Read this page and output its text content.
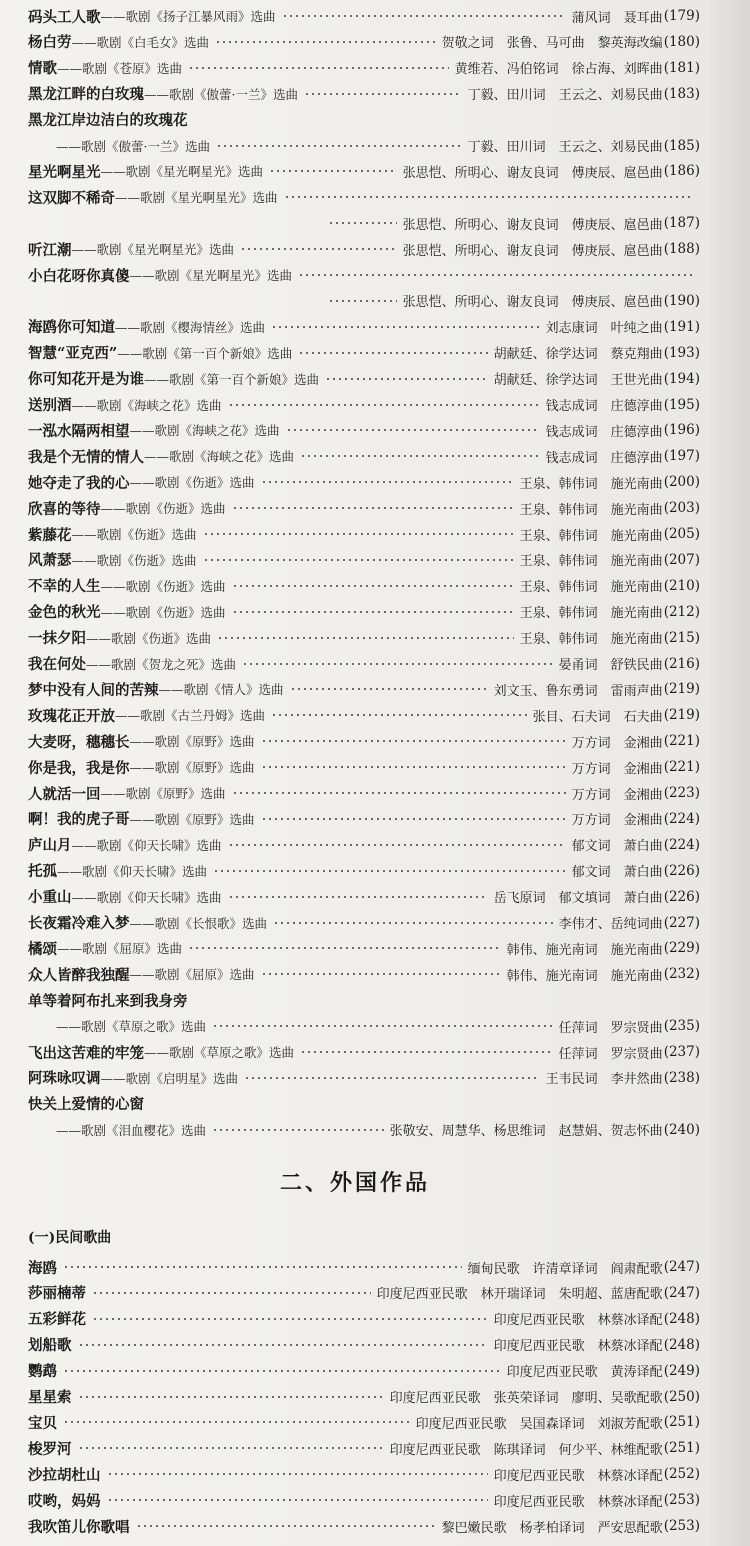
码头工人歌 ——歌剧《扬子江暴风雨》选曲	蒲风词　聂耳曲 (179)
杨白劳 ——歌剧《白毛女》选曲	贺敬之词　张鲁、马可曲　黎英海改编 (180)
情歌 ——歌剧《苍原》选曲	黄维若、冯伯铭词　徐占海、刘晖曲 (181)
黑龙江畔的白玫瑰 ——歌剧《傲蕾·一兰》选曲	丁毅、田川词　王云之、刘易民曲 (183)
黑龙江岸边洁白的玫瑰花
——歌剧《傲蕾·一兰》选曲	丁毅、田川词　王云之、刘易民曲 (185)
星光啊星光 ——歌剧《星光啊星光》选曲	张思恺、所明心、谢友良词　傅庚辰、扈邑曲 (186)
这双脚不稀奇 ——歌剧《星光啊星光》选曲
张思恺、所明心、谢友良词　傅庚辰、扈邑曲 (187)
听江潮 ——歌剧《星光啊星光》选曲	张思恺、所明心、谢友良词　傅庚辰、扈邑曲 (188)
小白花呀你真傻 ——歌剧《星光啊星光》选曲
张思恺、所明心、谢友良词　傅庚辰、扈邑曲 (190)
海鸥你可知道 ——歌剧《樱海情丝》选曲	刘志康词　叶纯之曲 (191)
智慧“亚克西” ——歌剧《第一百个新娘》选曲	胡献廷、徐学达词　蔡克翔曲 (193)
你可知花开是为谁 ——歌剧《第一百个新娘》选曲	胡献廷、徐学达词　王世光曲 (194)
送别酒 ——歌剧《海峡之花》选曲	钱志成词　庄德淳曲 (195)
一泓水隔两相望 ——歌剧《海峡之花》选曲	钱志成词　庄德淳曲 (196)
我是个无情的情人 ——歌剧《海峡之花》选曲	钱志成词　庄德淳曲 (197)
她夺走了我的心 ——歌剧《伤逝》选曲	王泉、韩伟词　施光南曲 (200)
欣喜的等待 ——歌剧《伤逝》选曲	王泉、韩伟词　施光南曲 (203)
紫藤花 ——歌剧《伤逝》选曲	王泉、韩伟词　施光南曲 (205)
风萧瑟 ——歌剧《伤逝》选曲	王泉、韩伟词　施光南曲 (207)
不幸的人生 ——歌剧《伤逝》选曲	王泉、韩伟词　施光南曲 (210)
金色的秋光 ——歌剧《伤逝》选曲	王泉、韩伟词　施光南曲 (212)
一抹夕阳 ——歌剧《伤逝》选曲	王泉、韩伟词　施光南曲 (215)
我在何处 ——歌剧《贺龙之死》选曲	晏甬词　舒铁民曲 (216)
梦中没有人间的苦辣 ——歌剧《情人》选曲	刘文玉、鲁东勇词　雷雨声曲 (219)
玫瑰花正开放 ——歌剧《古兰丹姆》选曲	张目、石夫词　石夫曲 (219)
大麦呀，穗穗长 ——歌剧《原野》选曲	万方词　金湘曲 (221)
你是我，我是你 ——歌剧《原野》选曲	万方词　金湘曲 (221)
人就活一回 ——歌剧《原野》选曲	万方词　金湘曲 (223)
啊！我的虎子哥 ——歌剧《原野》选曲	万方词　金湘曲 (224)
庐山月 ——歌剧《仰天长啸》选曲	郁文词　萧白曲 (224)
托孤 ——歌剧《仰天长啸》选曲	郁文词　萧白曲 (226)
小重山 ——歌剧《仰天长啸》选曲	岳飞原词　郁文填词　萧白曲 (226)
长夜霜冷难入梦 ——歌剧《长恨歌》选曲	李伟才、岳纯词曲 (227)
橘颂 ——歌剧《屈原》选曲	韩伟、施光南词　施光南曲 (229)
众人皆醉我独醒 ——歌剧《屈原》选曲	韩伟、施光南词　施光南曲 (232)
单等着阿布扎来到我身旁
——歌剧《草原之歌》选曲	任萍词　罗宗贤曲 (235)
飞出这苦难的牢笼 ——歌剧《草原之歌》选曲	任萍词　罗宗贤曲 (237)
阿珠咏叹调 ——歌剧《启明星》选曲	王韦民词　李井然曲 (238)
快关上爱情的心窗
——歌剧《泪血樱花》选曲	张敬安、周慧华、杨思维词　赵慧娟、贺志怀曲 (240)
二、外国作品
(一)民间歌曲
海鸥	缅甸民歌　许清章译词　阎肃配歌 (247)
莎丽楠蒂	印度尼西亚民歌　林开瑞译词　朱明超、蓝唐配歌 (247)
五彩鲜花	印度尼西亚民歌　林蔡冰译配 (248)
划船歌	印度尼西亚民歌　林蔡冰译配 (248)
鹦鹉	印度尼西亚民歌　黄涛译配 (249)
星星索	印度尼西亚民歌　张英荣译词　廖明、吴歌配歌 (250)
宝贝	印度尼西亚民歌　吴国森译词　刘淑芳配歌 (251)
梭罗河	印度尼西亚民歌　陈琪译词　何少平、林维配歌 (251)
沙拉胡杜山	印度尼西亚民歌　林蔡冰译配 (252)
哎哟，妈妈	印度尼西亚民歌　林蔡冰译配 (253)
我吹笛儿你歌唱	黎巴嫩民歌　杨孝柏译词　严安思配歌 (253)
